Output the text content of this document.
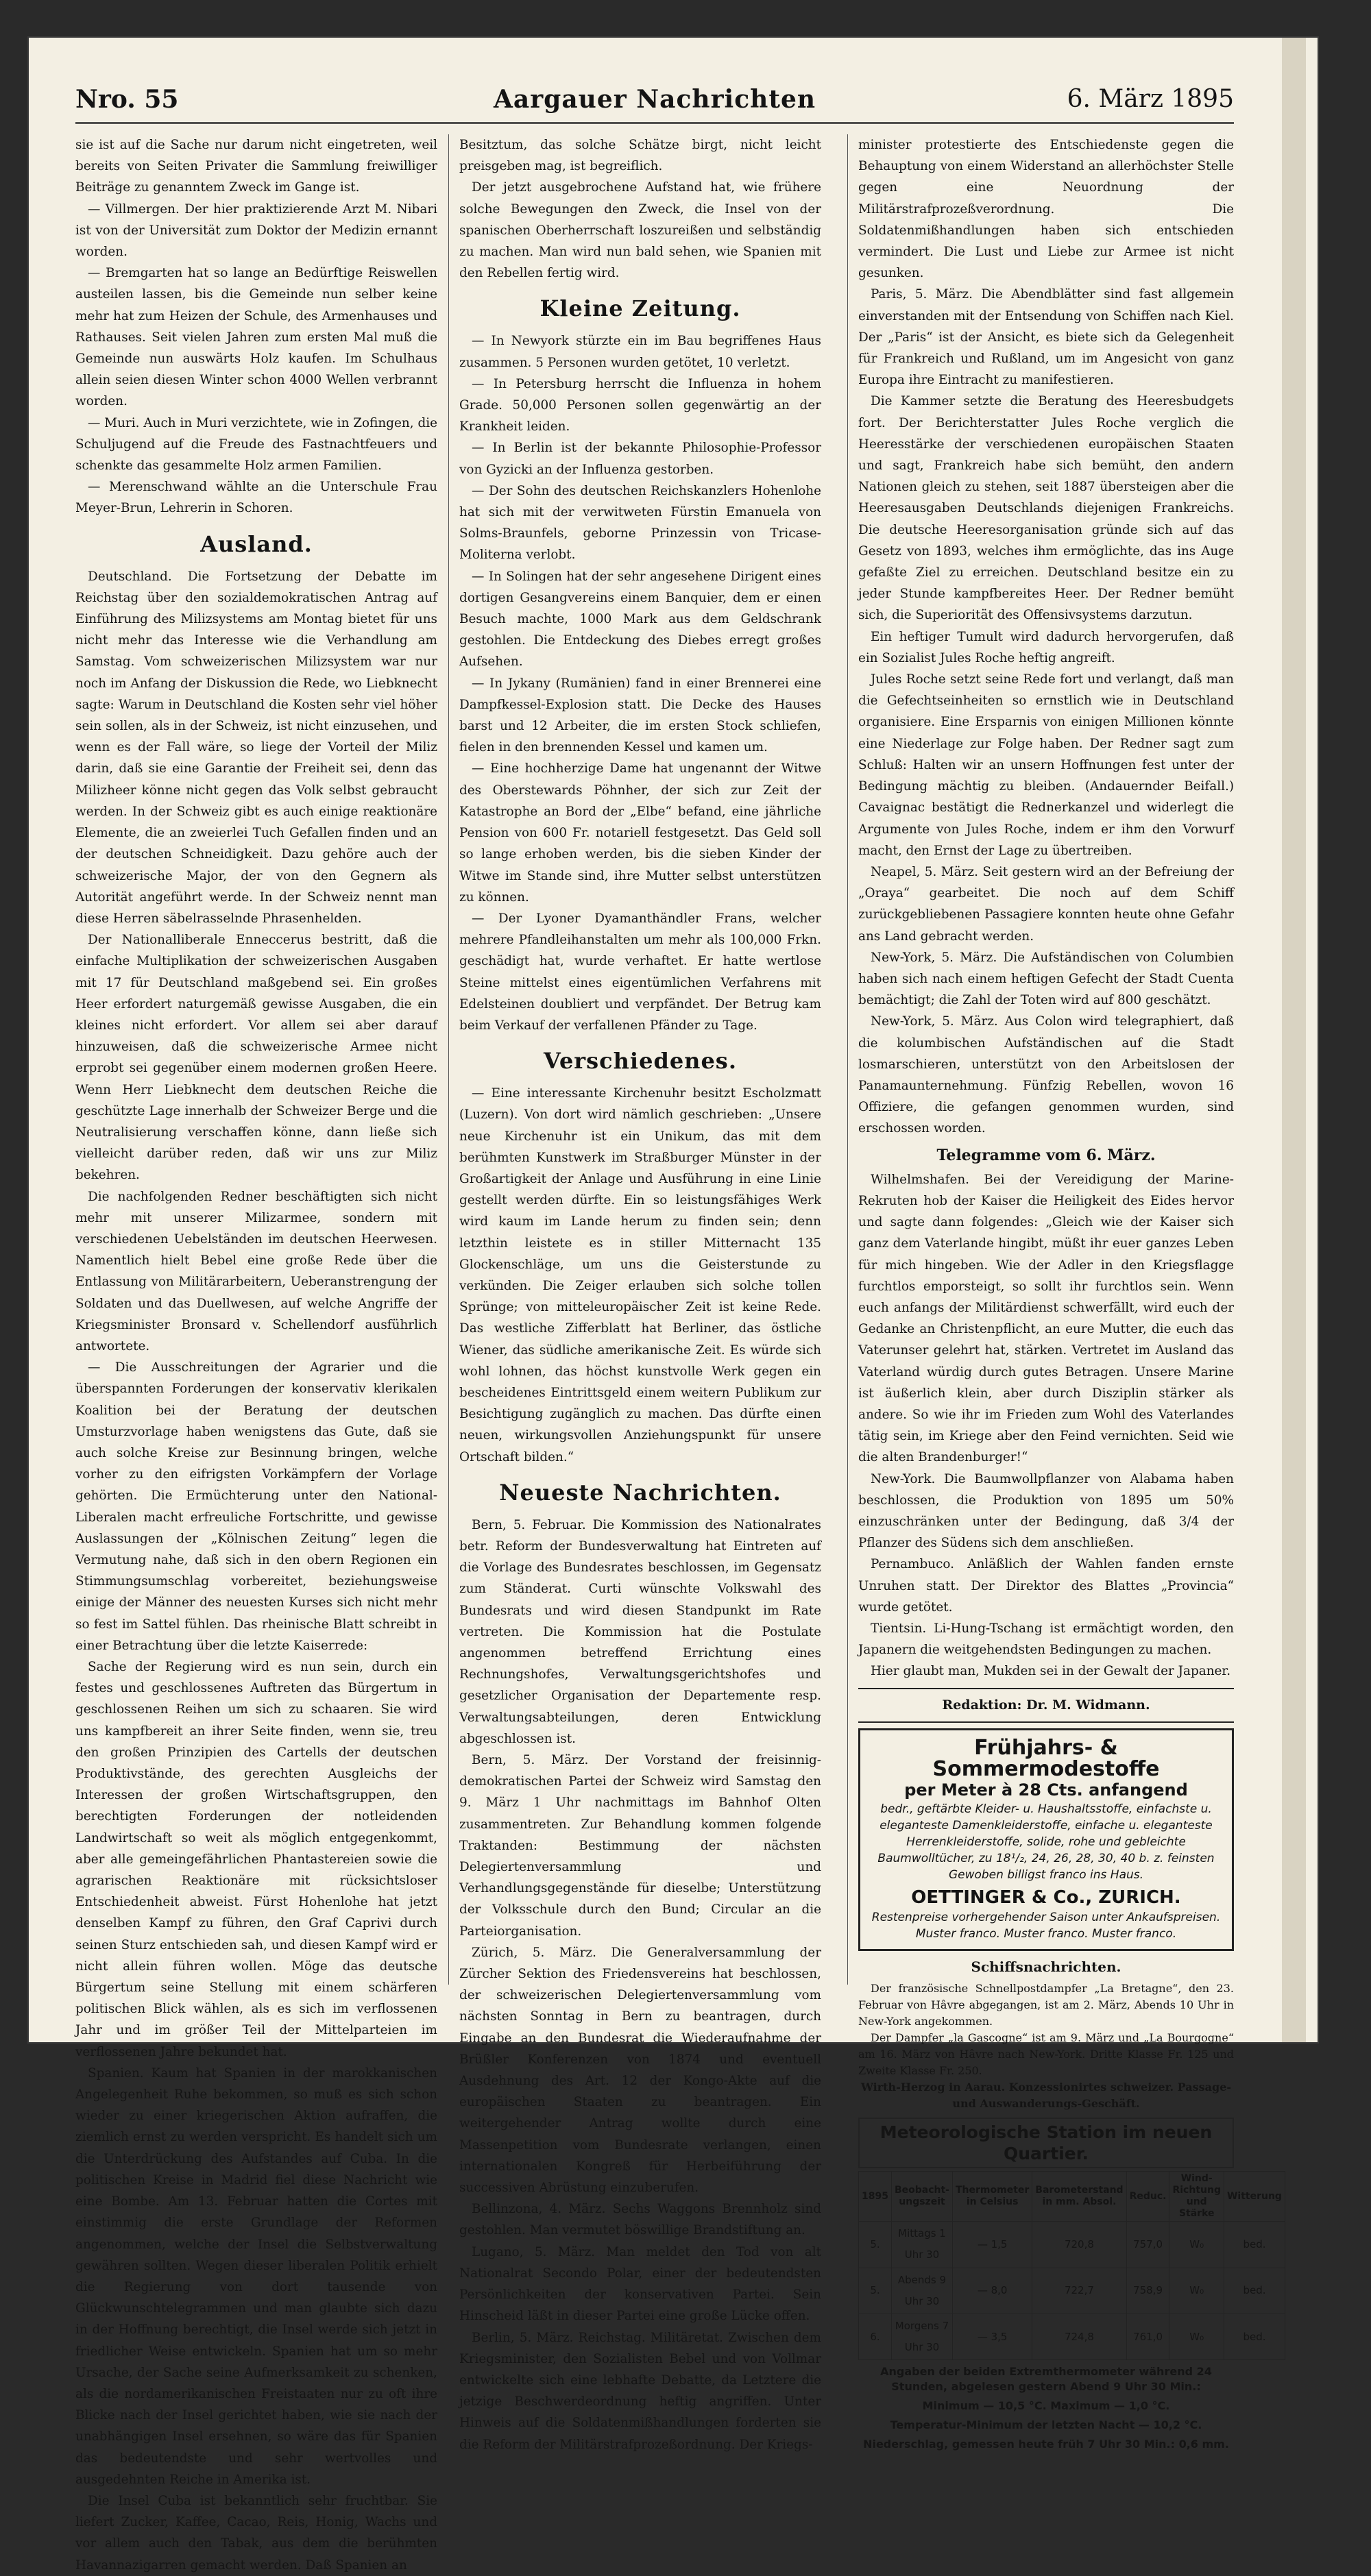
Nro. 55	Aargauer Nachrichten	6. März 1895

sie ist auf die Sache nur darum nicht eingetreten, weil bereits von Seiten Privater die Sammlung freiwilliger Beiträge zu genanntem Zweck im Gange ist.

— Villmergen. Der hier praktizierende Arzt M. Nibari ist von der Universität zum Doktor der Medizin ernannt worden.

— Bremgarten hat so lange an Bedürftige Reiswellen austeilen lassen, bis die Gemeinde nun selber keine mehr hat zum Heizen der Schule, des Armenhauses und Rathauses. Seit vielen Jahren zum ersten Mal muß die Gemeinde nun auswärts Holz kaufen. Im Schulhaus allein seien diesen Winter schon 4000 Wellen verbrannt worden.

— Muri. Auch in Muri verzichtete, wie in Zofingen, die Schuljugend auf die Freude des Fastnachtfeuers und schenkte das gesammelte Holz armen Familien.

— Merenschwand wählte an die Unterschule Frau Meyer-Brun, Lehrerin in Schoren.

Ausland.

Deutschland. Die Fortsetzung der Debatte im Reichstag über den sozialdemokratischen Antrag auf Einführung des Milizsystems am Montag bietet für uns nicht mehr das Interesse wie die Verhandlung am Samstag. Vom schweizerischen Milizsystem war nur noch im Anfang der Diskussion die Rede, wo Liebknecht sagte: Warum in Deutschland die Kosten sehr viel höher sein sollen, als in der Schweiz, ist nicht einzusehen, und wenn es der Fall wäre, so liege der Vorteil der Miliz darin, daß sie eine Garantie der Freiheit sei, denn das Milizheer könne nicht gegen das Volk selbst gebraucht werden. In der Schweiz gibt es auch einige reaktionäre Elemente, die an zweierlei Tuch Gefallen finden und an der deutschen Schneidigkeit. Dazu gehöre auch der schweizerische Major, der von den Gegnern als Autorität angeführt werde. In der Schweiz nennt man diese Herren säbelrasselnde Phrasenhelden.

Der Nationalliberale Enneccerus bestritt, daß die einfache Multiplikation der schweizerischen Ausgaben mit 17 für Deutschland maßgebend sei. Ein großes Heer erfordert naturgemäß gewisse Ausgaben, die ein kleines nicht erfordert. Vor allem sei aber darauf hinzuweisen, daß die schweizerische Armee nicht erprobt sei gegenüber einem modernen großen Heere. Wenn Herr Liebknecht dem deutschen Reiche die geschützte Lage innerhalb der Schweizer Berge und die Neutralisierung verschaffen könne, dann ließe sich vielleicht darüber reden, daß wir uns zur Miliz bekehren.

Die nachfolgenden Redner beschäftigten sich nicht mehr mit unserer Milizarmee, sondern mit verschiedenen Uebelständen im deutschen Heerwesen. Namentlich hielt Bebel eine große Rede über die Entlassung von Militärarbeitern, Ueberanstrengung der Soldaten und das Duellwesen, auf welche Angriffe der Kriegsminister Bronsard v. Schellendorf ausführlich antwortete.

— Die Ausschreitungen der Agrarier und die überspannten Forderungen der konservativ klerikalen Koalition bei der Beratung der deutschen Umsturzvorlage haben wenigstens das Gute, daß sie auch solche Kreise zur Besinnung bringen, welche vorher zu den eifrigsten Vorkämpfern der Vorlage gehörten. Die Ermüchterung unter den National-Liberalen macht erfreuliche Fortschritte, und gewisse Auslassungen der „Kölnischen Zeitung“ legen die Vermutung nahe, daß sich in den obern Regionen ein Stimmungsumschlag vorbereitet, beziehungsweise einige der Männer des neuesten Kurses sich nicht mehr so fest im Sattel fühlen. Das rheinische Blatt schreibt in einer Betrachtung über die letzte Kaiserrede:

Sache der Regierung wird es nun sein, durch ein festes und geschlossenes Auftreten das Bürgertum in geschlossenen Reihen um sich zu schaaren. Sie wird uns kampfbereit an ihrer Seite finden, wenn sie, treu den großen Prinzipien des Cartells der deutschen Produktivstände, des gerechten Ausgleichs der Interessen der großen Wirtschaftsgruppen, den berechtigten Forderungen der notleidenden Landwirtschaft so weit als möglich entgegenkommt, aber alle gemeingefährlichen Phantastereien sowie die agrarischen Reaktionäre mit rücksichtsloser Entschiedenheit abweist. Fürst Hohenlohe hat jetzt denselben Kampf zu führen, den Graf Caprivi durch seinen Sturz entschieden sah, und diesen Kampf wird er nicht allein führen wollen. Möge das deutsche Bürgertum seine Stellung mit einem schärferen politischen Blick wählen, als es sich im verflossenen Jahr und im größer Teil der Mittelparteien im verflossenen Jahre bekundet hat.

Spanien. Kaum hat Spanien in der marokkanischen Angelegenheit Ruhe bekommen, so muß es sich schon wieder zu einer kriegerischen Aktion aufraffen, die ziemlich ernst zu werden verspricht. Es handelt sich um die Unterdrückung des Aufstandes auf Cuba. In die politischen Kreise in Madrid fiel diese Nachricht wie eine Bombe. Am 13. Februar hatten die Cortes mit einstimmig die erste Grundlage der Reformen angenommen, welche der Insel die Selbstverwaltung gewähren sollten. Wegen dieser liberalen Politik erhielt die Regierung von dort tausende von Glückwunschtelegrammen und man glaubte sich dazu in der Hoffnung berechtigt, die Insel werde sich jetzt in friedlicher Weise entwickeln. Spanien hat um so mehr Ursache, der Sache seine Aufmerksamkeit zu schenken, als die nordamerikanischen Freistaaten nur zu oft ihre Blicke nach der Insel gerichtet haben, wie sie nach der unabhängigen Insel ersehnen, so wäre das für Spanien das bedeutendste und sehr wertvolles und ausgedehnten Reiche in Amerika ist.

Die Insel Cuba ist bekanntlich sehr fruchtbar. Sie liefert Zucker, Kaffee, Cacao, Reis, Honig, Wachs und vor allem auch den Tabak, aus dem die berühmten Havannazigarren gemacht werden. Daß Spanien an

Besitztum, das solche Schätze birgt, nicht leicht preisgeben mag, ist begreiflich.

Der jetzt ausgebrochene Aufstand hat, wie frühere solche Bewegungen den Zweck, die Insel von der spanischen Oberherrschaft loszureißen und selbständig zu machen. Man wird nun bald sehen, wie Spanien mit den Rebellen fertig wird.

Kleine Zeitung.

— In Newyork stürzte ein im Bau begriffenes Haus zusammen. 5 Personen wurden getötet, 10 verletzt.

— In Petersburg herrscht die Influenza in hohem Grade. 50,000 Personen sollen gegenwärtig an der Krankheit leiden.

— In Berlin ist der bekannte Philosophie-Professor von Gyzicki an der Influenza gestorben.

— Der Sohn des deutschen Reichskanzlers Hohenlohe hat sich mit der verwitweten Fürstin Emanuela von Solms-Braunfels, geborne Prinzessin von Tricase-Moliterna verlobt.

— In Solingen hat der sehr angesehene Dirigent eines dortigen Gesangvereins einem Banquier, dem er einen Besuch machte, 1000 Mark aus dem Geldschrank gestohlen. Die Entdeckung des Diebes erregt großes Aufsehen.

— In Jykany (Rumänien) fand in einer Brennerei eine Dampfkessel-Explosion statt. Die Decke des Hauses barst und 12 Arbeiter, die im ersten Stock schliefen, fielen in den brennenden Kessel und kamen um.

— Eine hochherzige Dame hat ungenannt der Witwe des Oberstewards Pöhnher, der sich zur Zeit der Katastrophe an Bord der „Elbe“ befand, eine jährliche Pension von 600 Fr. notariell festgesetzt. Das Geld soll so lange erhoben werden, bis die sieben Kinder der Witwe im Stande sind, ihre Mutter selbst unterstützen zu können.

— Der Lyoner Dyamanthändler Frans, welcher mehrere Pfandleihanstalten um mehr als 100,000 Frkn. geschädigt hat, wurde verhaftet. Er hatte wertlose Steine mittelst eines eigentümlichen Verfahrens mit Edelsteinen doubliert und verpfändet. Der Betrug kam beim Verkauf der verfallenen Pfänder zu Tage.

Verschiedenes.

— Eine interessante Kirchenuhr besitzt Escholzmatt (Luzern). Von dort wird nämlich geschrieben: „Unsere neue Kirchenuhr ist ein Unikum, das mit dem berühmten Kunstwerk im Straßburger Münster in der Großartigkeit der Anlage und Ausführung in eine Linie gestellt werden dürfte. Ein so leistungsfähiges Werk wird kaum im Lande herum zu finden sein; denn letzthin leistete es in stiller Mitternacht 135 Glockenschläge, um uns die Geisterstunde zu verkünden. Die Zeiger erlauben sich solche tollen Sprünge; von mitteleuropäischer Zeit ist keine Rede. Das westliche Zifferblatt hat Berliner, das östliche Wiener, das südliche amerikanische Zeit. Es würde sich wohl lohnen, das höchst kunstvolle Werk gegen ein bescheidenes Eintrittsgeld einem weitern Publikum zur Besichtigung zugänglich zu machen. Das dürfte einen neuen, wirkungsvollen Anziehungspunkt für unsere Ortschaft bilden.“

Neueste Nachrichten.

Bern, 5. Februar. Die Kommission des Nationalrates betr. Reform der Bundesverwaltung hat Eintreten auf die Vorlage des Bundesrates beschlossen, im Gegensatz zum Ständerat. Curti wünschte Volkswahl des Bundesrats und wird diesen Standpunkt im Rate vertreten. Die Kommission hat die Postulate angenommen betreffend Errichtung eines Rechnungshofes, Verwaltungsgerichtshofes und gesetzlicher Organisation der Departemente resp. Verwaltungsabteilungen, deren Entwicklung abgeschlossen ist.

Bern, 5. März. Der Vorstand der freisinnig-demokratischen Partei der Schweiz wird Samstag den 9. März 1 Uhr nachmittags im Bahnhof Olten zusammentreten. Zur Behandlung kommen folgende Traktanden: Bestimmung der nächsten Delegiertenversammlung und Verhandlungsgegenstände für dieselbe; Unterstützung der Volksschule durch den Bund; Circular an die Parteiorganisation.

Zürich, 5. März. Die Generalversammlung der Zürcher Sektion des Friedensvereins hat beschlossen, der schweizerischen Delegiertenversammlung vom nächsten Sonntag in Bern zu beantragen, durch Eingabe an den Bundesrat die Wiederaufnahme der Brüßler Konferenzen von 1874 und eventuell Ausdehnung des Art. 12 der Kongo-Akte auf die europäischen Staaten zu beantragen. Ein weitergehender Antrag wollte durch eine Massenpetition vom Bundesrate verlangen, einen internationalen Kongreß für Herbeiführung der successiven Abrüstung einzuberufen.

Bellinzona, 4. März. Sechs Waggons Brennholz sind gestohlen. Man vermutet böswillige Brandstiftung an.

Lugano, 5. März. Man meldet den Tod von alt Nationalrat Secondo Polar, einer der bedeutendsten Persönlichkeiten der konservativen Partei. Sein Hinscheid läßt in dieser Partei eine große Lücke offen.

Berlin, 5. März. Reichstag. Militäretat. Zwischen dem Kriegsminister, den Sozialisten Bebel und von Vollmar entwickelte sich eine lebhafte Debatte, da Letztere die jetzige Beschwerdeordnung heftig angriffen. Unter Hinweis auf die Soldatenmißhandlungen forderten sie die Reform der Militärstrafprozeßordnung. Der Kriegs-

minister protestierte des Entschiedenste gegen die Behauptung von einem Widerstand an allerhöchster Stelle gegen eine Neuordnung der Militärstrafprozeßverordnung. Die Soldatenmißhandlungen haben sich entschieden vermindert. Die Lust und Liebe zur Armee ist nicht gesunken.

Paris, 5. März. Die Abendblätter sind fast allgemein einverstanden mit der Entsendung von Schiffen nach Kiel. Der „Paris“ ist der Ansicht, es biete sich da Gelegenheit für Frankreich und Rußland, um im Angesicht von ganz Europa ihre Eintracht zu manifestieren.

Die Kammer setzte die Beratung des Heeresbudgets fort. Der Berichterstatter Jules Roche verglich die Heeresstärke der verschiedenen europäischen Staaten und sagt, Frankreich habe sich bemüht, den andern Nationen gleich zu stehen, seit 1887 übersteigen aber die Heeresausgaben Deutschlands diejenigen Frankreichs. Die deutsche Heeresorganisation gründe sich auf das Gesetz von 1893, welches ihm ermöglichte, das ins Auge gefaßte Ziel zu erreichen. Deutschland besitze ein zu jeder Stunde kampfbereites Heer. Der Redner bemüht sich, die Superiorität des Offensivsystems darzutun.

Ein heftiger Tumult wird dadurch hervorgerufen, daß ein Sozialist Jules Roche heftig angreift.

Jules Roche setzt seine Rede fort und verlangt, daß man die Gefechtseinheiten so ernstlich wie in Deutschland organisiere. Eine Ersparnis von einigen Millionen könnte eine Niederlage zur Folge haben. Der Redner sagt zum Schluß: Halten wir an unsern Hoffnungen fest unter der Bedingung mächtig zu bleiben. (Andauernder Beifall.) Cavaignac bestätigt die Rednerkanzel und widerlegt die Argumente von Jules Roche, indem er ihm den Vorwurf macht, den Ernst der Lage zu übertreiben.

Neapel, 5. März. Seit gestern wird an der Befreiung der „Oraya“ gearbeitet. Die noch auf dem Schiff zurückgebliebenen Passagiere konnten heute ohne Gefahr ans Land gebracht werden.

New-York, 5. März. Die Aufständischen von Columbien haben sich nach einem heftigen Gefecht der Stadt Cuenta bemächtigt; die Zahl der Toten wird auf 800 geschätzt.

New-York, 5. März. Aus Colon wird telegraphiert, daß die kolumbischen Aufständischen auf die Stadt losmarschieren, unterstützt von den Arbeitslosen der Panamaunternehmung. Fünfzig Rebellen, wovon 16 Offiziere, die gefangen genommen wurden, sind erschossen worden.

Telegramme vom 6. März.

Wilhelmshafen. Bei der Vereidigung der Marine-Rekruten hob der Kaiser die Heiligkeit des Eides hervor und sagte dann folgendes: „Gleich wie der Kaiser sich ganz dem Vaterlande hingibt, müßt ihr euer ganzes Leben für mich hingeben. Wie der Adler in den Kriegsflagge furchtlos emporsteigt, so sollt ihr furchtlos sein. Wenn euch anfangs der Militärdienst schwerfällt, wird euch der Gedanke an Christenpflicht, an eure Mutter, die euch das Vaterunser gelehrt hat, stärken. Vertretet im Ausland das Vaterland würdig durch gutes Betragen. Unsere Marine ist äußerlich klein, aber durch Disziplin stärker als andere. So wie ihr im Frieden zum Wohl des Vaterlandes tätig sein, im Kriege aber den Feind vernichten. Seid wie die alten Brandenburger!“

New-York. Die Baumwollpflanzer von Alabama haben beschlossen, die Produktion von 1895 um 50% einzuschränken unter der Bedingung, daß 3/4 der Pflanzer des Südens sich dem anschließen.

Pernambuco. Anläßlich der Wahlen fanden ernste Unruhen statt. Der Direktor des Blattes „Provincia“ wurde getötet.

Tientsin. Li-Hung-Tschang ist ermächtigt worden, den Japanern die weitgehendsten Bedingungen zu machen.

Hier glaubt man, Mukden sei in der Gewalt der Japaner.

Redaktion: Dr. M. Widmann.
Frühjahrs- & Sommermodestoffe
per Meter à 28 Cts. anfangend
bedr., geftärbte Kleider- u. Haushaltsstoffe, einfachste u. eleganteste Damenkleiderstoffe, einfache u. eleganteste Herrenkleiderstoffe, solide, rohe und gebleichte Baumwolltücher, zu 18¹/₂, 24, 26, 28, 30, 40 b. z. feinsten Gewoben billigst franco ins Haus.
OETTINGER & Co., ZURICH.
Restenpreise vorhergehender Saison unter Ankaufspreisen.
Muster franco. Muster franco. Muster franco.
Schiffsnachrichten.

Der französische Schnellpostdampfer „La Bretagne“, den 23. Februar von Hâvre abgegangen, ist am 2. März, Abends 10 Uhr in New-York angekommen.

Der Dampfer „la Gascogne“ ist am 9. März und „La Bourgogne“ am 16. März von Hâvre nach New-York. Dritte Klasse Fr. 125 und Zweite Klasse Fr. 250.

Wirth-Herzog in Aarau. Konzessionirtes schweizer. Passage- und Auswanderungs-Geschäft.

Meteorologische Station im neuen Quartier.
1895	Beobacht-ungszeit	Thermometer in Celsius	Barometerstand in mm. Absol.	Reduc.	Wind-Richtung und Stärke	Witterung
5.	Mittags 1 Uhr 30	— 1,5	720,8	757,0	W₀	bed.
5.	Abends 9 Uhr 30	— 8,0	722,7	758,9	W₀	bed.
6.	Morgens 7 Uhr 30	— 3,5	724,8	761,0	W₀	bed.
Angaben der beiden Extremthermometer während 24 Stunden, abgelesen gestern Abend 9 Uhr 30 Min.:
Minimum — 10,5 °C. Maximum — 1,0 °C.
Temperatur-Minimum der letzten Nacht — 10,2 °C.
Niederschlag, gemessen heute früh 7 Uhr 30 Min.: 0,6 mm.
